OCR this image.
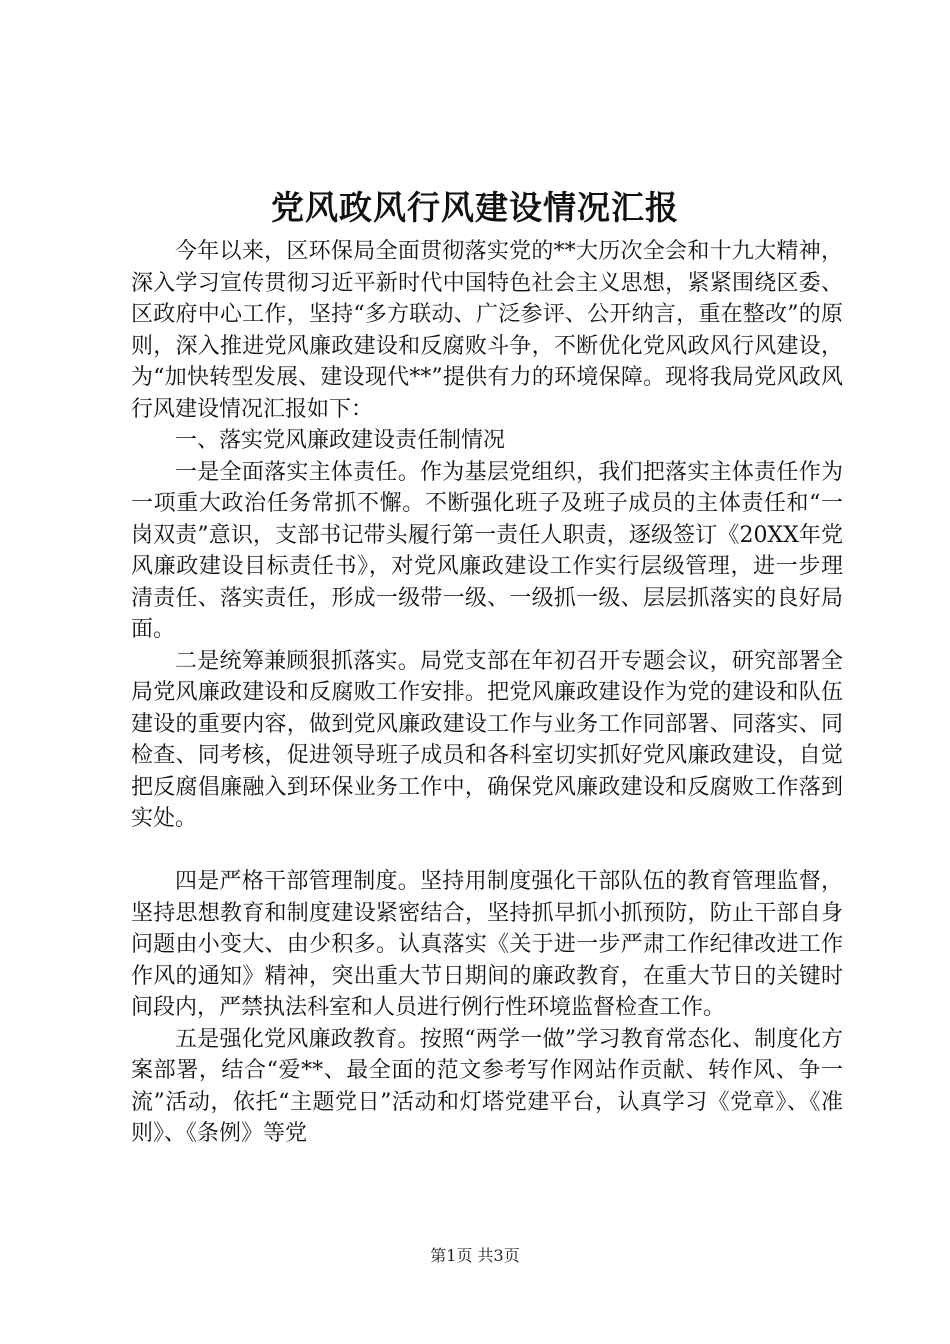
党风政风行风建设情况汇报

今年以来，区环保局全面贯彻落实党的**大历次全会和十九大精神，深入学习宣传贯彻习近平新时代中国特色社会主义思想，紧紧围绕区委、区政府中心工作，坚持“多方联动、广泛参评、公开纳言，重在整改”的原则，深入推进党风廉政建设和反腐败斗争，不断优化党风政风行风建设，为“加快转型发展、建设现代**”提供有力的环境保障。现将我局党风政风行风建设情况汇报如下：

一、落实党风廉政建设责任制情况

一是全面落实主体责任。作为基层党组织，我们把落实主体责任作为一项重大政治任务常抓不懈。不断强化班子及班子成员的主体责任和“一岗双责”意识，支部书记带头履行第一责任人职责，逐级签订《20XX年党风廉政建设目标责任书》，对党风廉政建设工作实行层级管理，进一步理清责任、落实责任，形成一级带一级、一级抓一级、层层抓落实的良好局面。

二是统筹兼顾狠抓落实。局党支部在年初召开专题会议，研究部署全局党风廉政建设和反腐败工作安排。把党风廉政建设作为党的建设和队伍建设的重要内容，做到党风廉政建设工作与业务工作同部署、同落实、同检查、同考核，促进领导班子成员和各科室切实抓好党风廉政建设，自觉把反腐倡廉融入到环保业务工作中，确保党风廉政建设和反腐败工作落到实处。

四是严格干部管理制度。坚持用制度强化干部队伍的教育管理监督，坚持思想教育和制度建设紧密结合，坚持抓早抓小抓预防，防止干部自身问题由小变大、由少积多。认真落实《关于进一步严肃工作纪律改进工作作风的通知》精神，突出重大节日期间的廉政教育，在重大节日的关键时间段内，严禁执法科室和人员进行例行性环境监督检查工作。

五是强化党风廉政教育。按照“两学一做”学习教育常态化、制度化方案部署，结合“爱**、最全面的范文参考写作网站作贡献、转作风、争一流”活动，依托“主题党日”活动和灯塔党建平台，认真学习《党章》、《准则》、《条例》等党

第1页 共3页
